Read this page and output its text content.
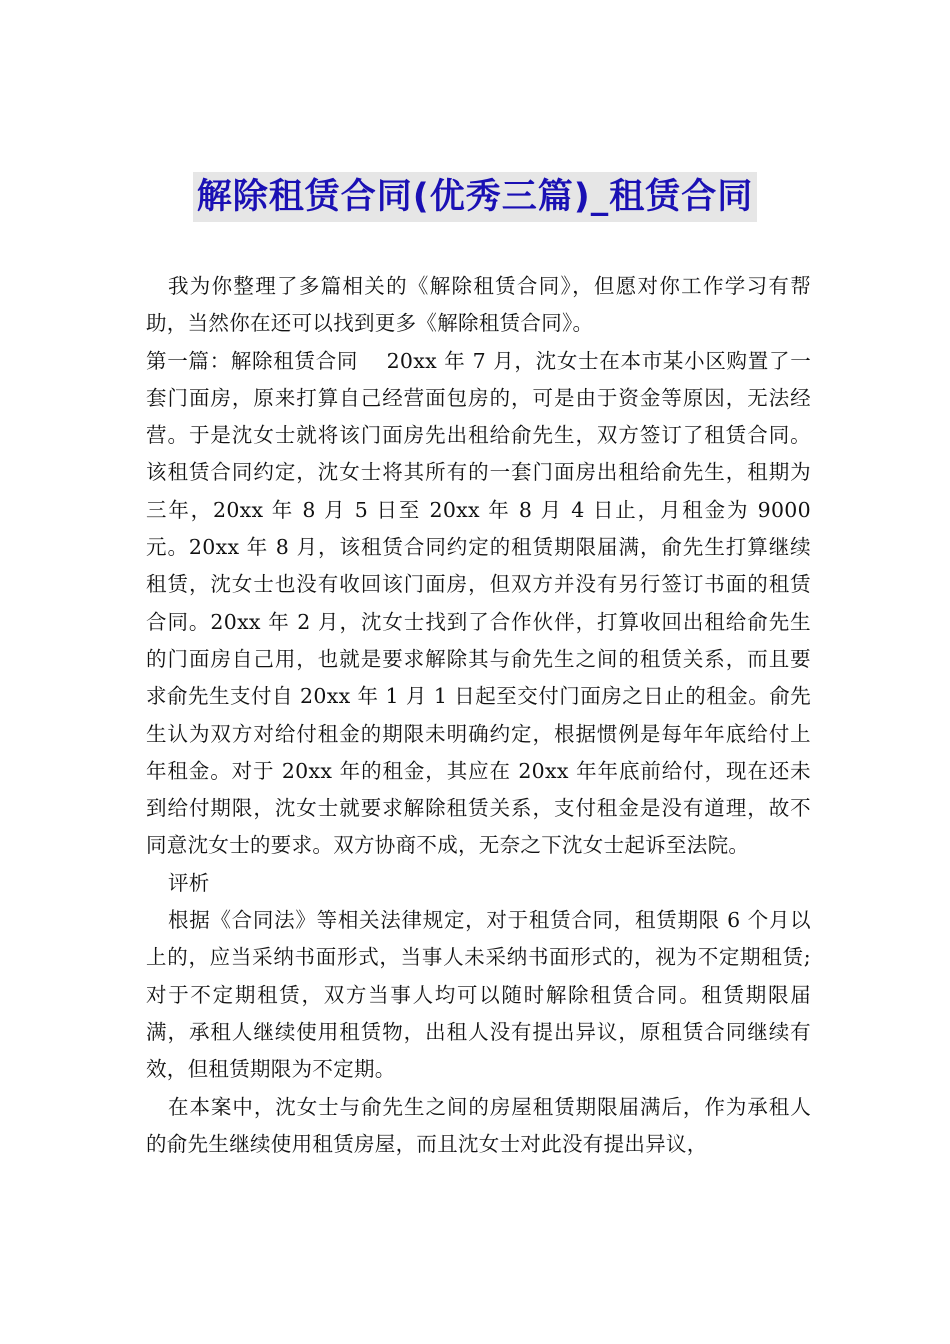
解除租赁合同(优秀三篇)_租赁合同

我为你整理了多篇相关的《解除租赁合同》，但愿对你工作学习有帮助，当然你在还可以找到更多《解除租赁合同》。

第一篇：解除租赁合同　 20xx 年 7 月，沈女士在本市某小区购置了一套门面房，原来打算自己经营面包房的，可是由于资金等原因，无法经营。于是沈女士就将该门面房先出租给俞先生，双方签订了租赁合同。该租赁合同约定，沈女士将其所有的一套门面房出租给俞先生，租期为三年，20xx 年 8 月 5 日至 20xx 年 8 月 4 日止，月租金为 9000 元。20xx 年 8 月，该租赁合同约定的租赁期限届满，俞先生打算继续租赁，沈女士也没有收回该门面房，但双方并没有另行签订书面的租赁合同。20xx 年 2 月，沈女士找到了合作伙伴，打算收回出租给俞先生的门面房自己用，也就是要求解除其与俞先生之间的租赁关系，而且要求俞先生支付自 20xx 年 1 月 1 日起至交付门面房之日止的租金。俞先生认为双方对给付租金的期限未明确约定，根据惯例是每年年底给付上年租金。对于 20xx 年的租金，其应在 20xx 年年底前给付，现在还未到给付期限，沈女士就要求解除租赁关系，支付租金是没有道理，故不同意沈女士的要求。双方协商不成，无奈之下沈女士起诉至法院。

评析

根据《合同法》等相关法律规定，对于租赁合同，租赁期限 6 个月以上的，应当采纳书面形式，当事人未采纳书面形式的，视为不定期租赁;对于不定期租赁，双方当事人均可以随时解除租赁合同。租赁期限届满，承租人继续使用租赁物，出租人没有提出异议，原租赁合同继续有效，但租赁期限为不定期。

在本案中，沈女士与俞先生之间的房屋租赁期限届满后，作为承租人的俞先生继续使用租赁房屋，而且沈女士对此没有提出异议，
